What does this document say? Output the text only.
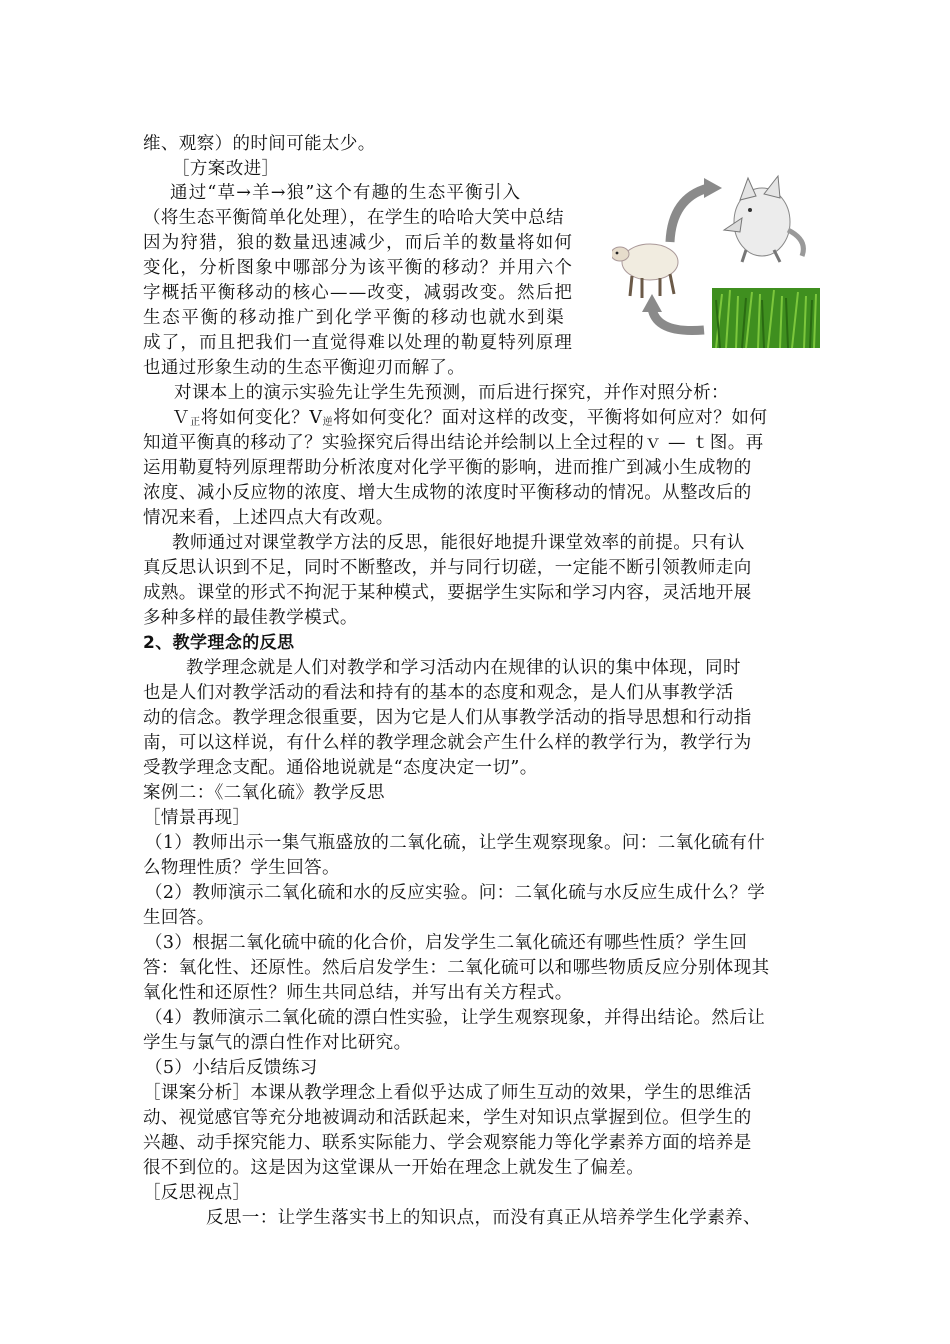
维、观察）的时间可能太少。
［方案改进］
通过“草→羊→狼”这个有趣的生态平衡引入
（将生态平衡简单化处理），在学生的哈哈大笑中总结
因为狩猎，狼的数量迅速减少，而后羊的数量将如何
变化，分析图象中哪部分为该平衡的移动？并用六个
字概括平衡移动的核心——改变，减弱改变。然后把
生态平衡的移动推广到化学平衡的移动也就水到渠
成了，而且把我们一直觉得难以处理的勒夏特列原理
也通过形象生动的生态平衡迎刃而解了。
对课本上的演示实验先让学生先预测，而后进行探究，并作对照分析：
Ｖ$_正$将如何变化？$V_逆$将如何变化？面对这样的改变，平衡将如何应对？如何
知道平衡真的移动了？实验探究后得出结论并绘制以上全过程的ｖ — ｔ图。再
运用勒夏特列原理帮助分析浓度对化学平衡的影响，进而推广到减小生成物的
浓度、减小反应物的浓度、增大生成物的浓度时平衡移动的情况。从整改后的
情况来看，上述四点大有改观。
教师通过对课堂教学方法的反思，能很好地提升课堂效率的前提。只有认
真反思认识到不足，同时不断整改，并与同行切磋，一定能不断引领教师走向
成熟。课堂的形式不拘泥于某种模式，要据学生实际和学习内容，灵活地开展
多种多样的最佳教学模式。
2、教学理念的反思
教学理念就是人们对教学和学习活动内在规律的认识的集中体现，同时
也是人们对教学活动的看法和持有的基本的态度和观念，是人们从事教学活
动的信念。教学理念很重要，因为它是人们从事教学活动的指导思想和行动指
南，可以这样说，有什么样的教学理念就会产生什么样的教学行为，教学行为
受教学理念支配。通俗地说就是“态度决定一切”。
案例二：《二氧化硫》教学反思
［情景再现］
（1）教师出示一集气瓶盛放的二氧化硫，让学生观察现象。问：二氧化硫有什
么物理性质？学生回答。
（2）教师演示二氧化硫和水的反应实验。问：二氧化硫与水反应生成什么？学
生回答。
（3）根据二氧化硫中硫的化合价，启发学生二氧化硫还有哪些性质？学生回
答：氧化性、还原性。然后启发学生：二氧化硫可以和哪些物质反应分别体现其
氧化性和还原性？师生共同总结，并写出有关方程式。
（4）教师演示二氧化硫的漂白性实验，让学生观察现象，并得出结论。然后让
学生与氯气的漂白性作对比研究。
（5）小结后反馈练习
［课案分析］本课从教学理念上看似乎达成了师生互动的效果，学生的思维活
动、视觉感官等充分地被调动和活跃起来，学生对知识点掌握到位。但学生的
兴趣、动手探究能力、联系实际能力、学会观察能力等化学素养方面的培养是
很不到位的。这是因为这堂课从一开始在理念上就发生了偏差。
［反思视点］
反思一：让学生落实书上的知识点，而没有真正从培养学生化学素养、
